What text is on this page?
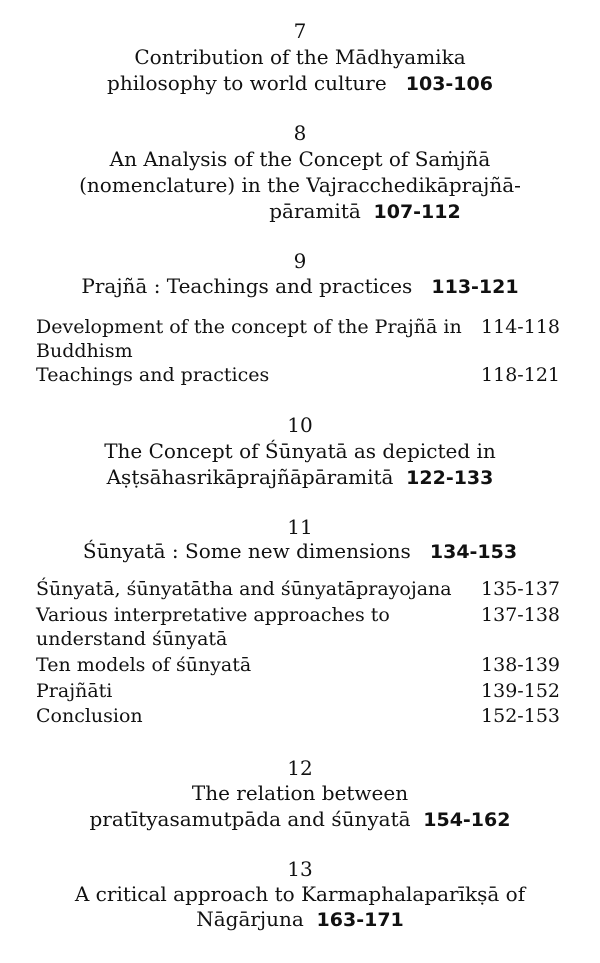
7
Contribution of the Mādhyamika
philosophy to world culture 103-106
8
An Analysis of the Concept of Saṁjñā
(nomenclature) in the Vajracchedikāprajñā-
pāramitā 107-112
9
Prajñā : Teachings and practices 113-121
Development of the concept of the Prajñā in 114-118
Buddhism
Teachings and practices	118-121
10
The Concept of Śūnyatā as depicted in
Aṣṭsāhasrikāprajñāpāramitā 122-133
11
Śūnyatā : Some new dimensions 134-153
Śūnyatā, śūnyatātha and śūnyatāprayojana 135-137
Various interpretative approaches to	137-138
understand śūnyatā
Ten models of śūnyatā	138-139
Prajñāti	139-152
Conclusion	152-153
12
The relation between
pratītyasamutpāda and śūnyatā 154-162
13
A critical approach to Karmaphalaparīkṣā of
Nāgārjuna 163-171
